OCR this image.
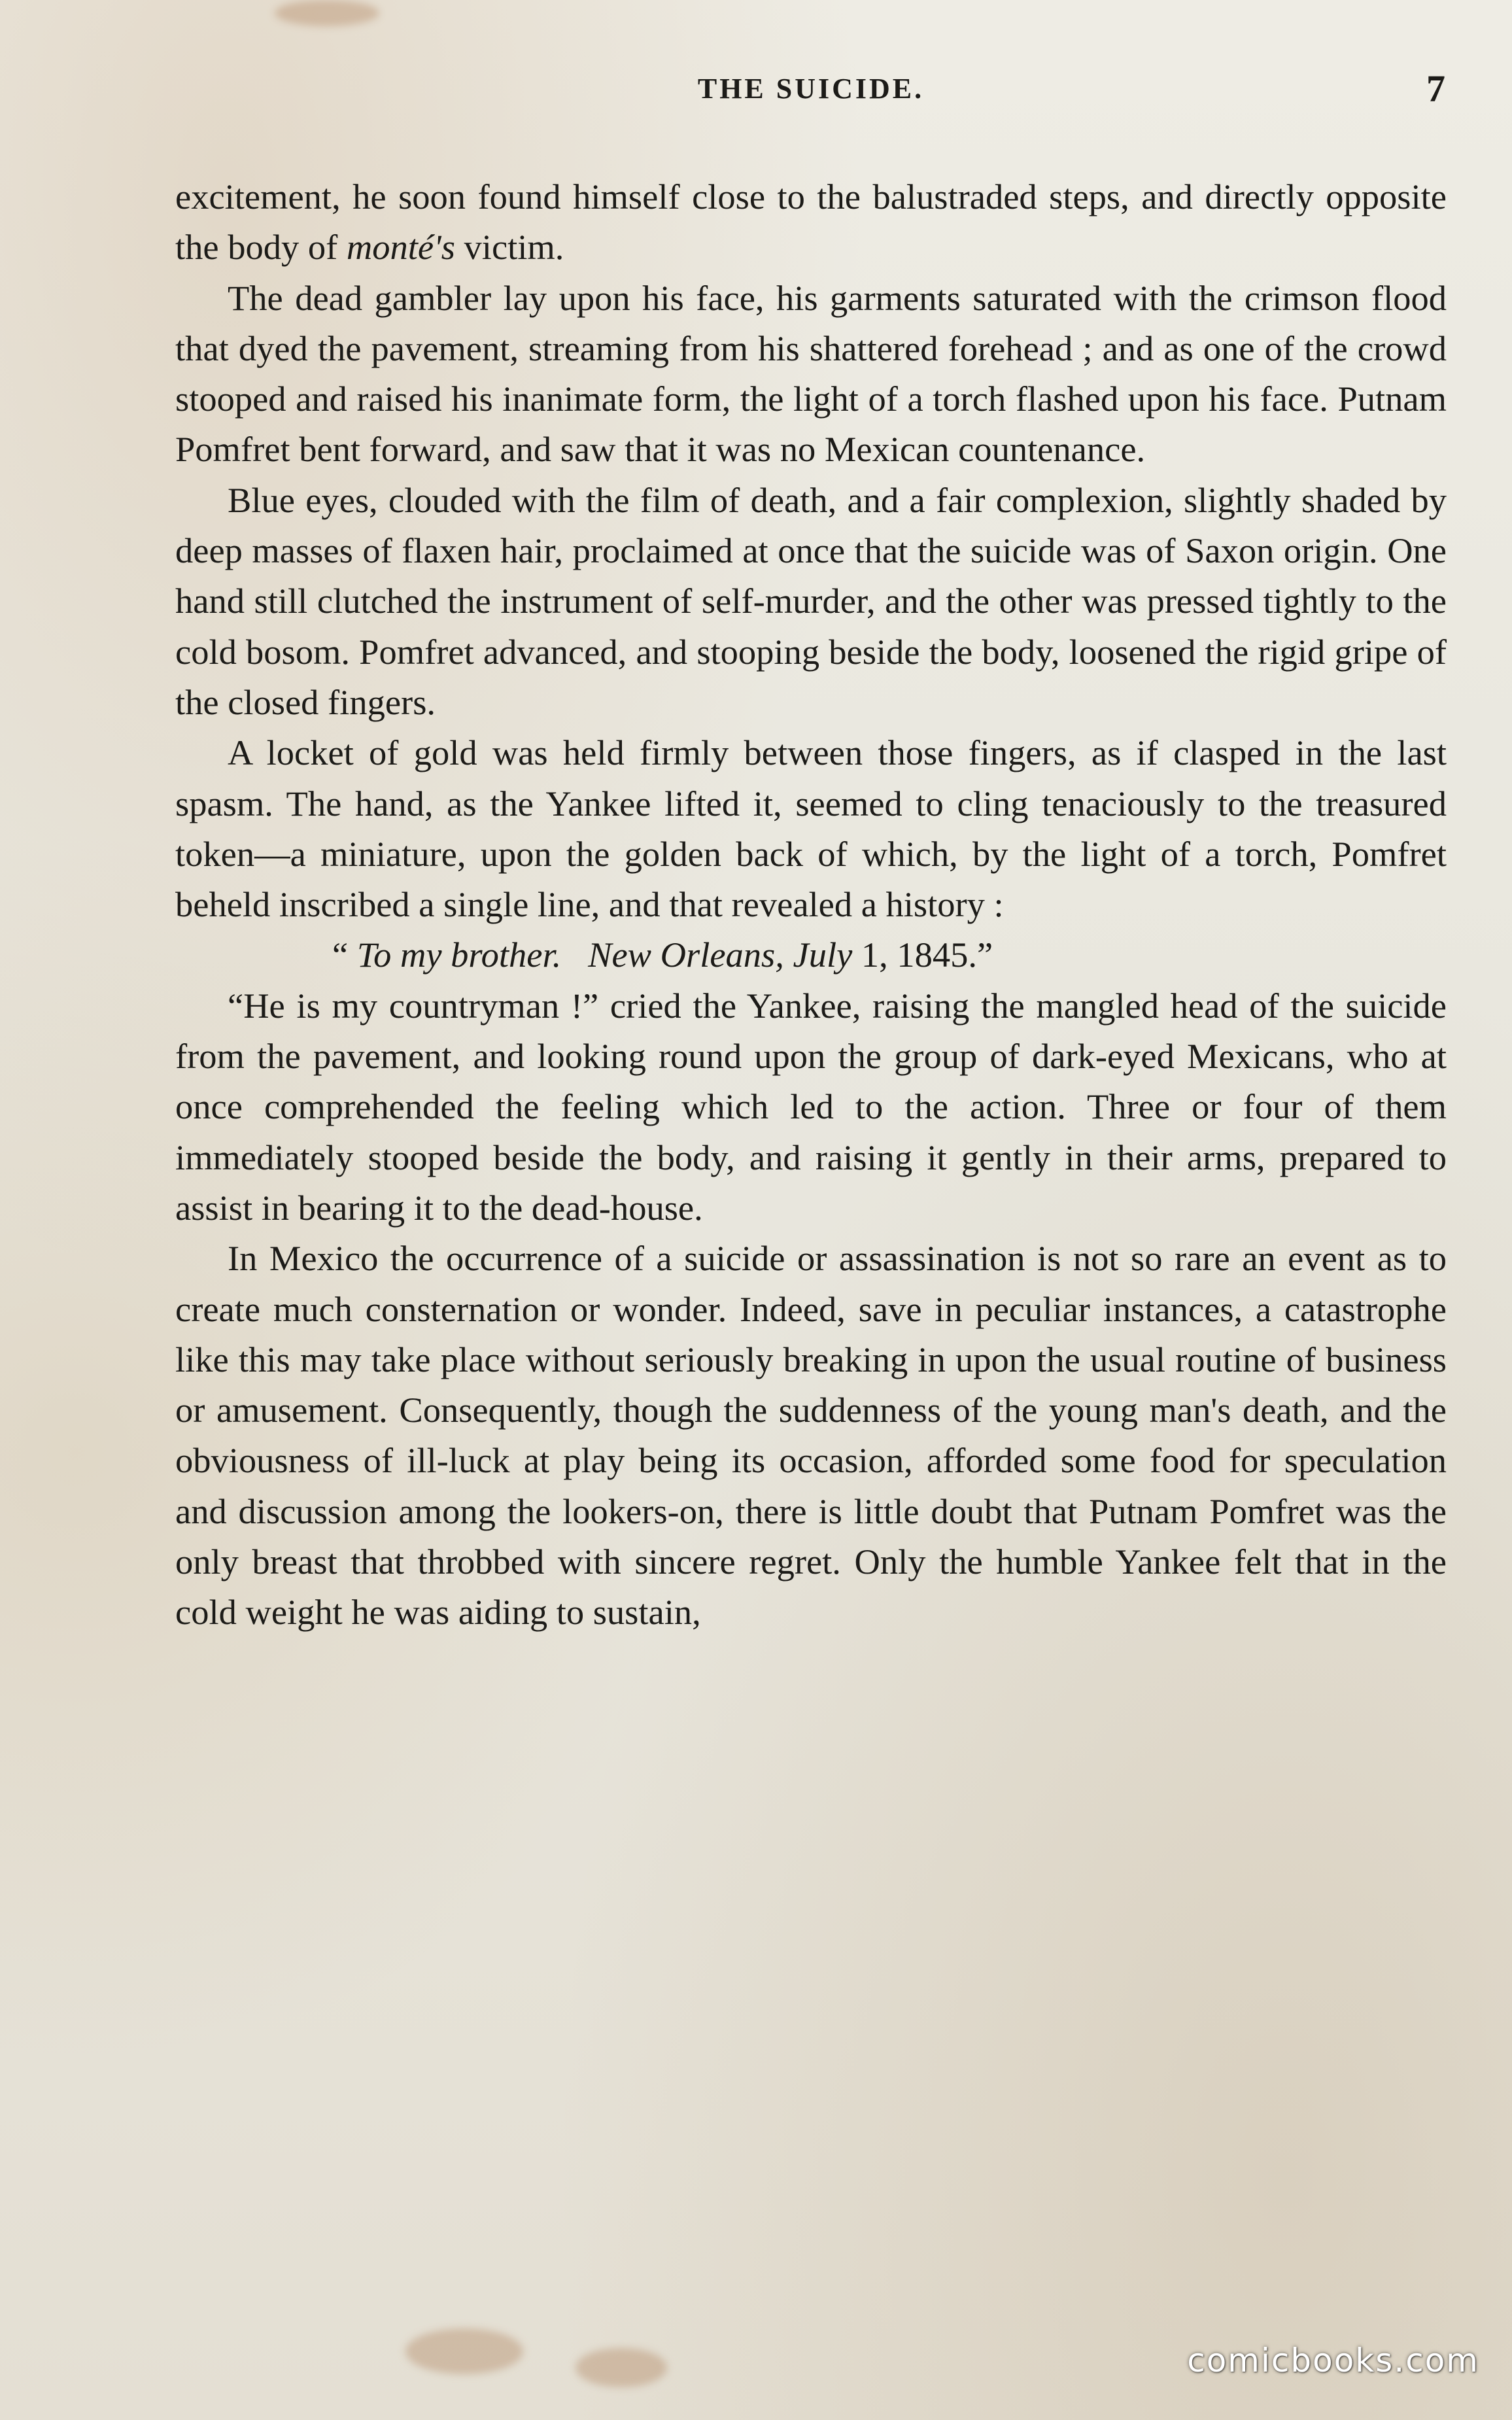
THE SUICIDE.	7

excitement, he soon found himself close to the balustraded steps, and directly opposite the body of monté's victim.

The dead gambler lay upon his face, his garments saturated with the crimson flood that dyed the pavement, streaming from his shattered forehead ; and as one of the crowd stooped and raised his inanimate form, the light of a torch flashed upon his face. Putnam Pomfret bent forward, and saw that it was no Mexican countenance.

Blue eyes, clouded with the film of death, and a fair complexion, slightly shaded by deep masses of flaxen hair, proclaimed at once that the suicide was of Saxon origin. One hand still clutched the instrument of self-murder, and the other was pressed tightly to the cold bosom. Pomfret advanced, and stooping beside the body, loosened the rigid gripe of the closed fingers.

A locket of gold was held firmly between those fingers, as if clasped in the last spasm. The hand, as the Yankee lifted it, seemed to cling tenaciously to the treasured token—a miniature, upon the golden back of which, by the light of a torch, Pomfret beheld inscribed a single line, and that revealed a history :

“ To my brother. New Orleans, July 1, 1845.”

“He is my countryman !” cried the Yankee, raising the mangled head of the suicide from the pavement, and looking round upon the group of dark-eyed Mexicans, who at once comprehended the feeling which led to the action. Three or four of them immediately stooped beside the body, and raising it gently in their arms, prepared to assist in bearing it to the dead-house.

In Mexico the occurrence of a suicide or assassination is not so rare an event as to create much consternation or wonder. Indeed, save in peculiar instances, a catastrophe like this may take place without seriously breaking in upon the usual routine of business or amusement. Consequently, though the suddenness of the young man's death, and the obviousness of ill-luck at play being its occasion, afforded some food for speculation and discussion among the lookers-on, there is little doubt that Putnam Pomfret was the only breast that throbbed with sincere regret. Only the humble Yankee felt that in the cold weight he was aiding to sustain,

comicbooks.com
